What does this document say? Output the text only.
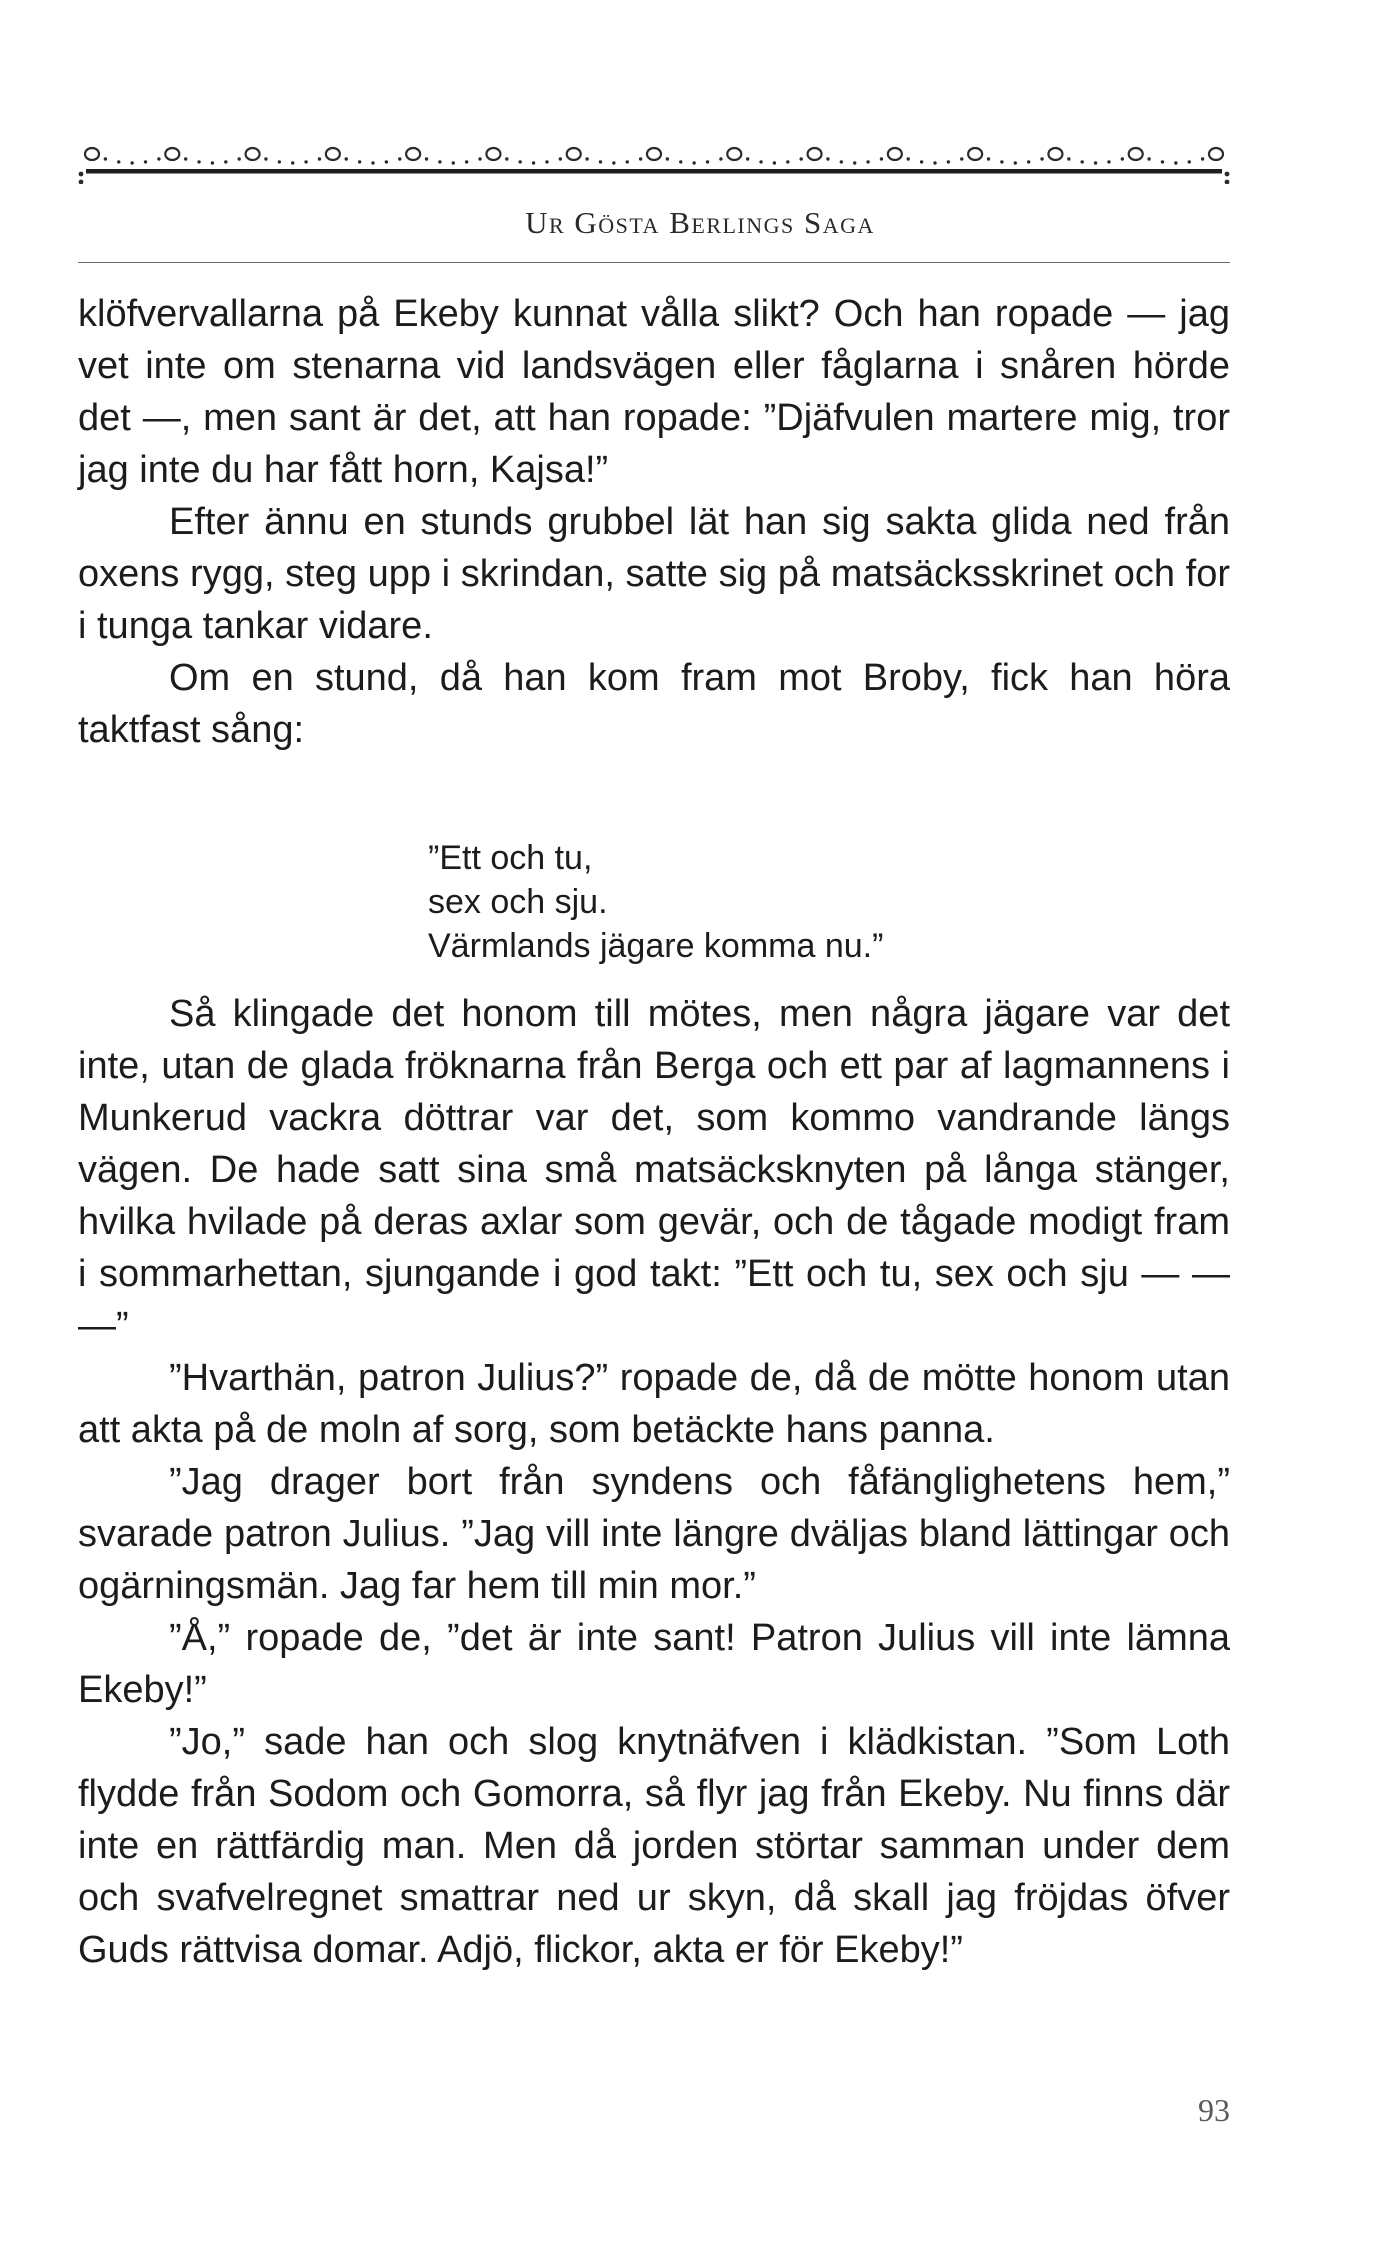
Ur Gösta Berlings Saga

klöfvervallarna på Ekeby kunnat vålla slikt? Och han ropade — jag vet inte om stenarna vid landsvägen eller fåglarna i snåren hörde det —, men sant är det, att han ropade: ”Djäfvulen martere mig, tror jag inte du har fått horn, Kajsa!”

Efter ännu en stunds grubbel lät han sig sakta glida ned från oxens rygg, steg upp i skrindan, satte sig på matsäcksskrinet och for i tunga tankar vidare.

Om en stund, då han kom fram mot Broby, fick han höra taktfast sång:

”Ett och tu,
sex och sju.
Värmlands jägare komma nu.”

Så klingade det honom till mötes, men några jägare var det inte, utan de glada fröknarna från Berga och ett par af lagmannens i Munkerud vackra döttrar var det, som kommo vandrande längs vägen. De hade satt sina små matsäcksknyten på långa stänger, hvilka hvilade på deras axlar som gevär, och de tågade modigt fram i sommarhettan, sjungande i god takt: ”Ett och tu, sex och sju — — —”

”Hvarthän, patron Julius?” ropade de, då de mötte honom utan att akta på de moln af sorg, som betäckte hans panna.

”Jag drager bort från syndens och fåfänglighetens hem,” svarade patron Julius. ”Jag vill inte längre dväljas bland lättingar och ogärningsmän. Jag far hem till min mor.”

”Å,” ropade de, ”det är inte sant! Patron Julius vill inte lämna Ekeby!”

”Jo,” sade han och slog knytnäfven i klädkistan. ”Som Loth flydde från Sodom och Gomorra, så flyr jag från Ekeby. Nu finns där inte en rättfärdig man. Men då jorden störtar samman under dem och svafvelregnet smattrar ned ur skyn, då skall jag fröjdas öfver Guds rättvisa domar. Adjö, flickor, akta er för Ekeby!”

93
